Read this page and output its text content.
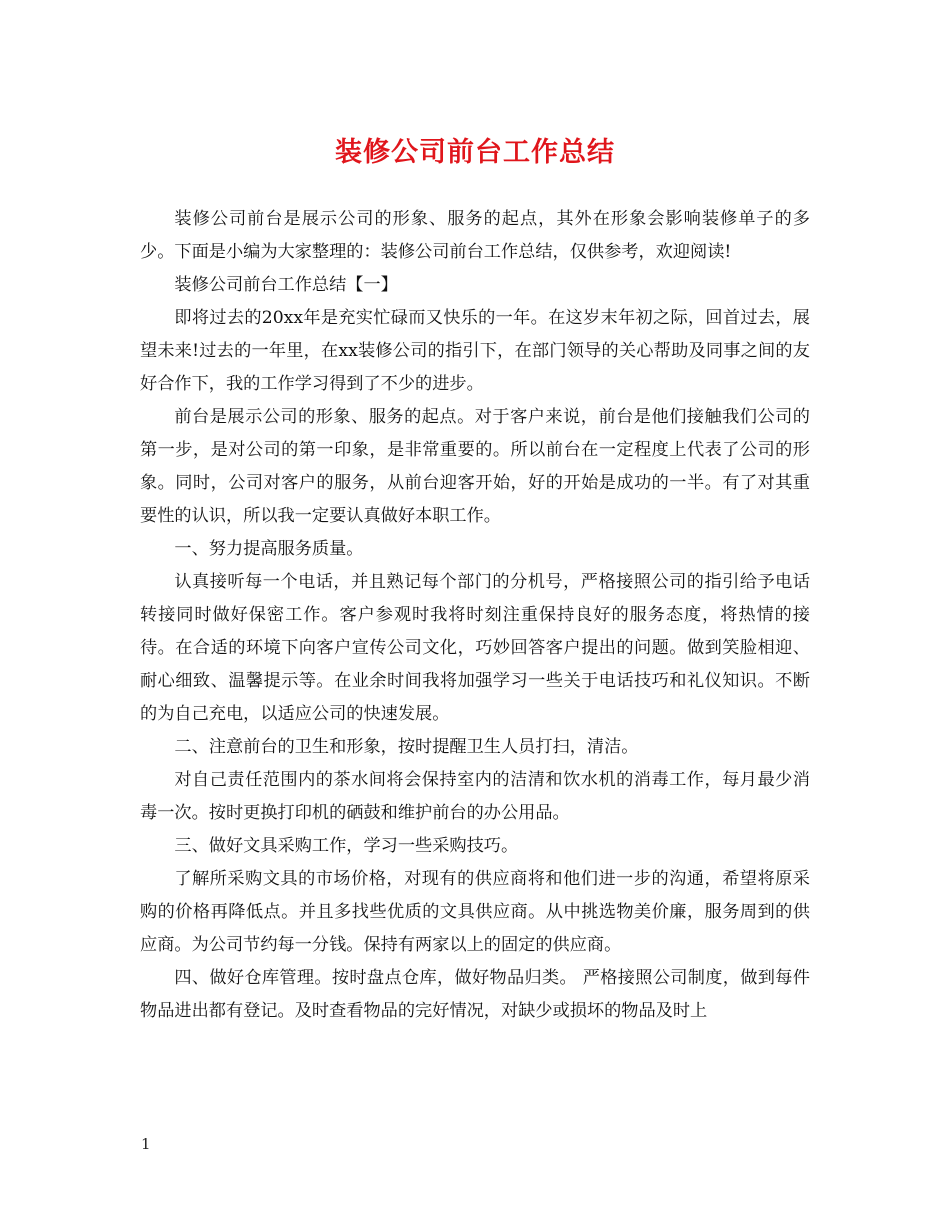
装修公司前台工作总结

装修公司前台是展示公司的形象、服务的起点，其外在形象会影响装修单子的多少。下面是小编为大家整理的：装修公司前台工作总结，仅供参考，欢迎阅读!

装修公司前台工作总结【一】

即将过去的20xx年是充实忙碌而又快乐的一年。在这岁末年初之际，回首过去，展望未来!过去的一年里，在xx装修公司的指引下，在部门领导的关心帮助及同事之间的友好合作下，我的工作学习得到了不少的进步。

前台是展示公司的形象、服务的起点。对于客户来说，前台是他们接触我们公司的第一步，是对公司的第一印象，是非常重要的。所以前台在一定程度上代表了公司的形象。同时，公司对客户的服务，从前台迎客开始，好的开始是成功的一半。有了对其重要性的认识，所以我一定要认真做好本职工作。

一、努力提高服务质量。

认真接听每一个电话，并且熟记每个部门的分机号，严格接照公司的指引给予电话转接同时做好保密工作。客户参观时我将时刻注重保持良好的服务态度，将热情的接待。在合适的环境下向客户宣传公司文化，巧妙回答客户提出的问题。做到笑脸相迎、耐心细致、温馨提示等。在业余时间我将加强学习一些关于电话技巧和礼仪知识。不断的为自己充电，以适应公司的快速发展。

二、注意前台的卫生和形象，按时提醒卫生人员打扫，清洁。

对自己责任范围内的茶水间将会保持室内的洁清和饮水机的消毒工作，每月最少消毒一次。按时更换打印机的硒鼓和维护前台的办公用品。

三、做好文具采购工作，学习一些采购技巧。

了解所采购文具的市场价格，对现有的供应商将和他们进一步的沟通，希望将原采购的价格再降低点。并且多找些优质的文具供应商。从中挑选物美价廉，服务周到的供应商。为公司节约每一分钱。保持有两家以上的固定的供应商。

四、做好仓库管理。按时盘点仓库，做好物品归类。 严格接照公司制度，做到每件物品进出都有登记。及时查看物品的完好情况，对缺少或损坏的物品及时上

1
